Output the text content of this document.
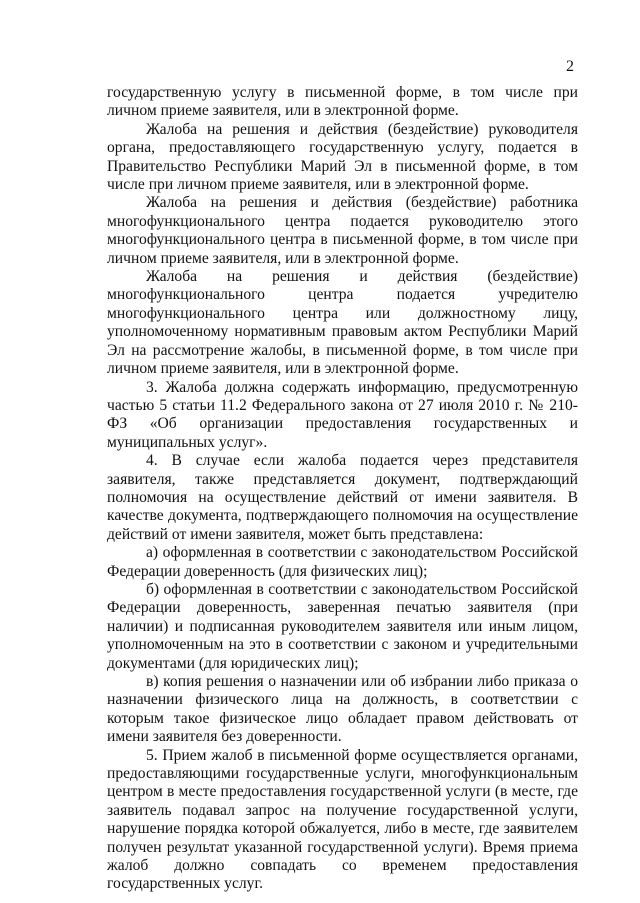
2

государственную услугу в письменной форме, в том числе при личном приеме заявителя, или в электронной форме.

Жалоба на решения и действия (бездействие) руководителя органа, предоставляющего государственную услугу, подается в Правительство Республики Марий Эл в письменной форме, в том числе при личном приеме заявителя, или в электронной форме.

Жалоба на решения и действия (бездействие) работника многофункционального центра подается руководителю этого многофункционального центра в письменной форме, в том числе при личном приеме заявителя, или в электронной форме.

Жалоба на решения и действия (бездействие) многофункционального центра подается учредителю многофункционального центра или должностному лицу, уполномоченному нормативным правовым актом Республики Марий Эл на рассмотрение жалобы, в письменной форме, в том числе при личном приеме заявителя, или в электронной форме.

3. Жалоба должна содержать информацию, предусмотренную частью 5 статьи 11.2 Федерального закона от 27 июля 2010 г. № 210-ФЗ «Об организации предоставления государственных и муниципальных услуг».

4. В случае если жалоба подается через представителя заявителя, также представляется документ, подтверждающий полномочия на осуществление действий от имени заявителя. В качестве документа, подтверждающего полномочия на осуществление действий от имени заявителя, может быть представлена:

а) оформленная в соответствии с законодательством Российской Федерации доверенность (для физических лиц);

б) оформленная в соответствии с законодательством Российской Федерации доверенность, заверенная печатью заявителя (при наличии) и подписанная руководителем заявителя или иным лицом, уполномоченным на это в соответствии с законом и учредительными документами (для юридических лиц);

в) копия решения о назначении или об избрании либо приказа о назначении физического лица на должность, в соответствии с которым такое физическое лицо обладает правом действовать от имени заявителя без доверенности.

5. Прием жалоб в письменной форме осуществляется органами, предоставляющими государственные услуги, многофункциональным центром в месте предоставления государственной услуги (в месте, где заявитель подавал запрос на получение государственной услуги, нарушение порядка которой обжалуется, либо в месте, где заявителем получен результат указанной государственной услуги). Время приема жалоб должно совпадать со временем предоставления государственных услуг.
